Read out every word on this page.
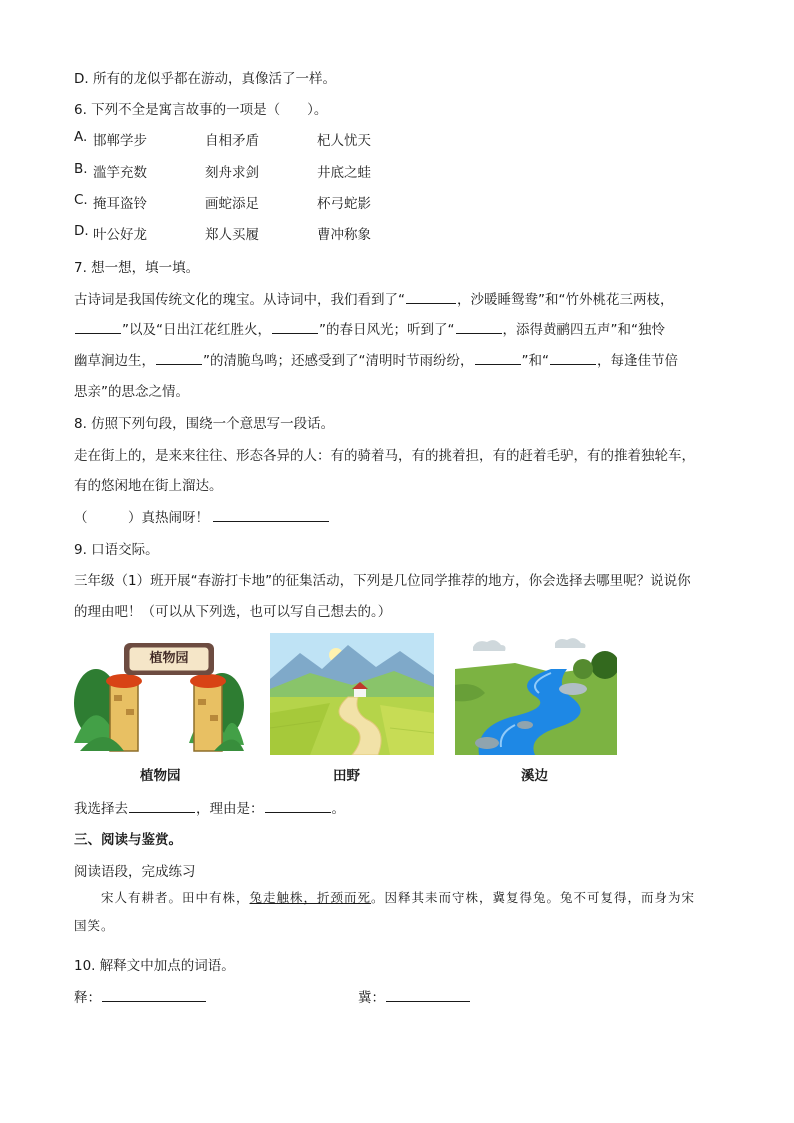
D. 所有的龙似乎都在游动，真像活了一样。
6. 下列不全是寓言故事的一项是（　　）。
A. 邯郸学步	自相矛盾	杞人忧天
B. 滥竽充数	刻舟求剑	井底之蛙
C. 掩耳盗铃	画蛇添足	杯弓蛇影
D. 叶公好龙	郑人买履	曹冲称象
7. 想一想，填一填。
古诗词是我国传统文化的瑰宝。从诗词中，我们看到了“	，沙暖睡鸳鸯”和“竹外桃花三两枝，
”以及“日出江花红胜火，	”的春日风光；听到了“	，添得黄鹂四五声”和“独怜
幽草涧边生，	”的清脆鸟鸣；还感受到了“清明时节雨纷纷，	”和“	，每逢佳节倍
思亲”的思念之情。
8. 仿照下列句段，围绕一个意思写一段话。
走在街上的，是来来往往、形态各异的人：有的骑着马，有的挑着担，有的赶着毛驴，有的推着独轮车，
有的悠闲地在街上溜达。
（　　　）真热闹呀！
9. 口语交际。
三年级（1）班开展“春游打卡地”的征集活动，下列是几位同学推荐的地方，你会选择去哪里呢？说说你
的理由吧！（可以从下列选，也可以写自己想去的。）
植物园
植物园	田野	溪边
我选择去	，理由是：	。
三、阅读与鉴赏。
阅读语段，完成练习
宋人有耕者。田中有株，兔走触株，折颈而死。因释其耒而守株，冀复得兔。兔不可复得，而身为宋
国笑。
10. 解释文中加点的词语。
释：	冀：
